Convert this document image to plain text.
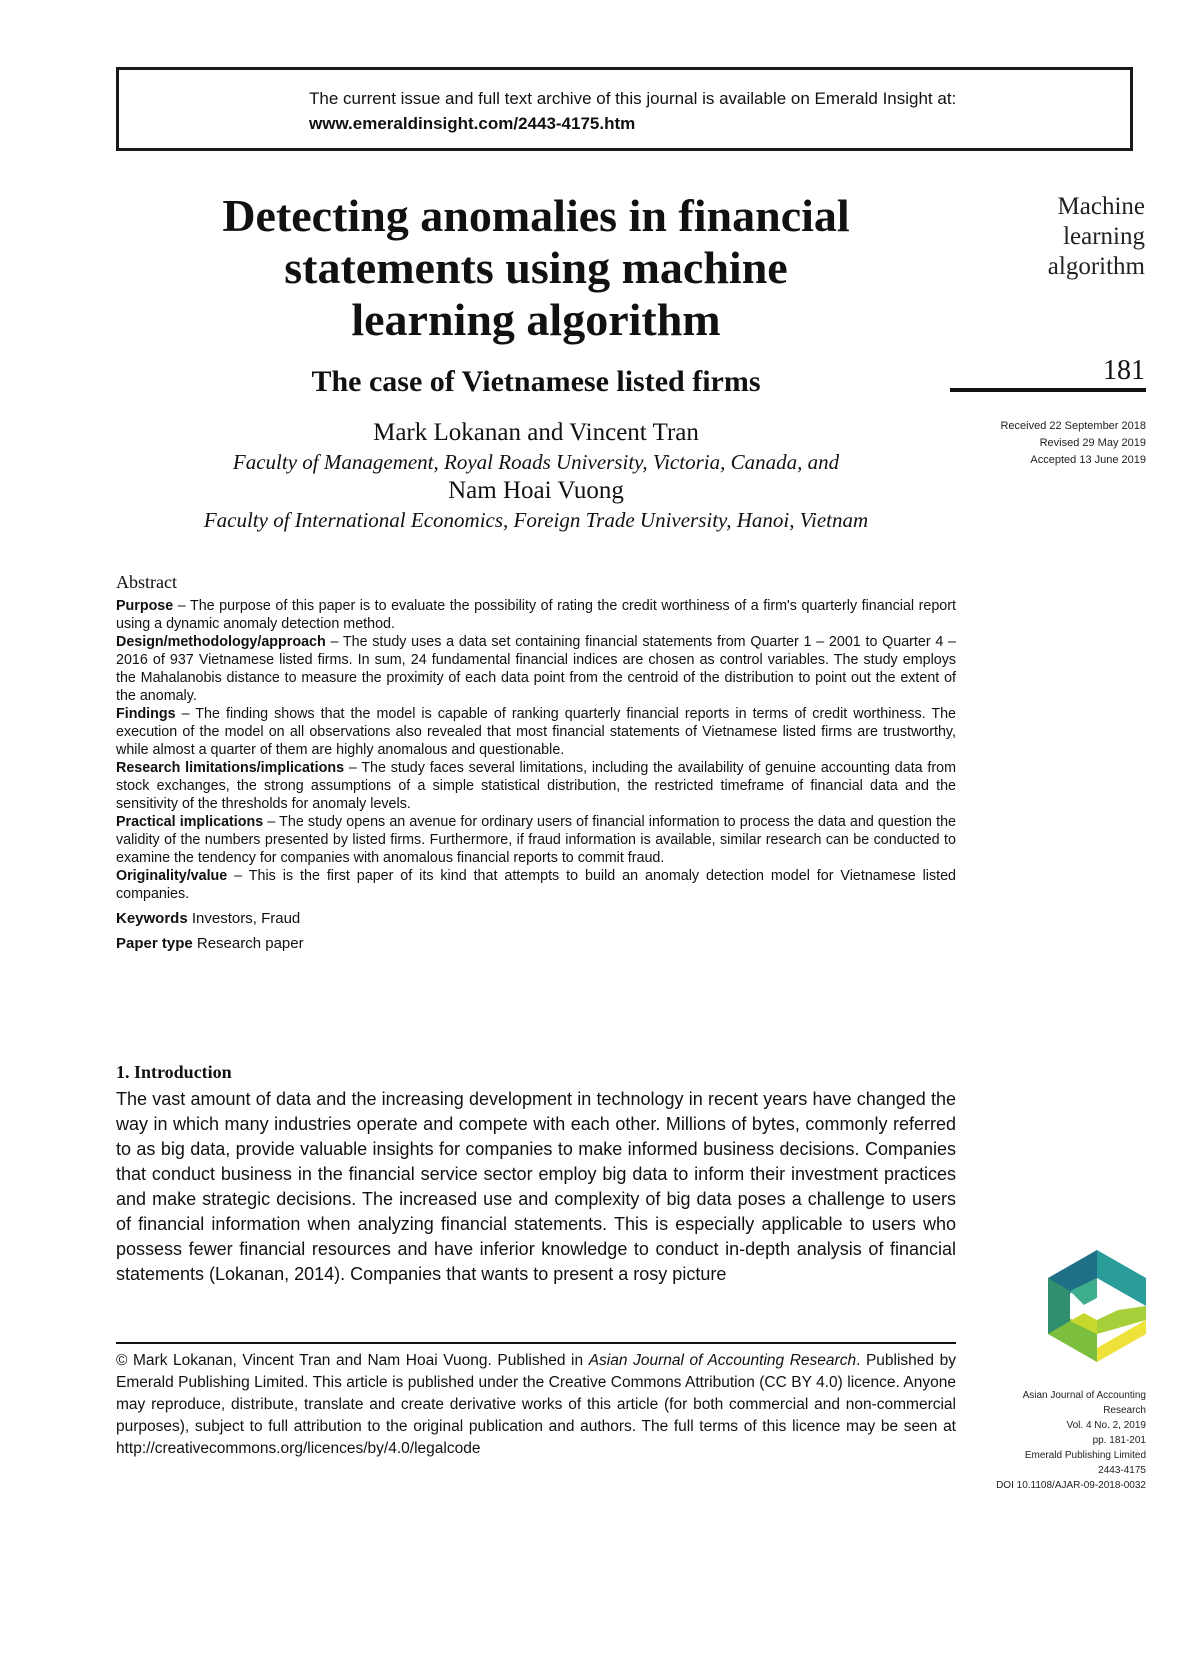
The current issue and full text archive of this journal is available on Emerald Insight at:
www.emeraldinsight.com/2443-4175.htm
Detecting anomalies in financial
statements using machine
learning algorithm
The case of Vietnamese listed firms
Mark Lokanan and Vincent Tran
Faculty of Management, Royal Roads University, Victoria, Canada, and
Nam Hoai Vuong
Faculty of International Economics, Foreign Trade University, Hanoi, Vietnam
Machine
learning
algorithm
181
Received 22 September 2018
Revised 29 May 2019
Accepted 13 June 2019
Abstract

Purpose – The purpose of this paper is to evaluate the possibility of rating the credit worthiness of a firm's quarterly financial report using a dynamic anomaly detection method.

Design/methodology/approach – The study uses a data set containing financial statements from Quarter 1 – 2001 to Quarter 4 – 2016 of 937 Vietnamese listed firms. In sum, 24 fundamental financial indices are chosen as control variables. The study employs the Mahalanobis distance to measure the proximity of each data point from the centroid of the distribution to point out the extent of the anomaly.

Findings – The finding shows that the model is capable of ranking quarterly financial reports in terms of credit worthiness. The execution of the model on all observations also revealed that most financial statements of Vietnamese listed firms are trustworthy, while almost a quarter of them are highly anomalous and questionable.

Research limitations/implications – The study faces several limitations, including the availability of genuine accounting data from stock exchanges, the strong assumptions of a simple statistical distribution, the restricted timeframe of financial data and the sensitivity of the thresholds for anomaly levels.

Practical implications – The study opens an avenue for ordinary users of financial information to process the data and question the validity of the numbers presented by listed firms. Furthermore, if fraud information is available, similar research can be conducted to examine the tendency for companies with anomalous financial reports to commit fraud.

Originality/value – This is the first paper of its kind that attempts to build an anomaly detection model for Vietnamese listed companies.

Keywords Investors, Fraud

Paper type Research paper

1. Introduction

The vast amount of data and the increasing development in technology in recent years have changed the way in which many industries operate and compete with each other. Millions of bytes, commonly referred to as big data, provide valuable insights for companies to make informed business decisions. Companies that conduct business in the financial service sector employ big data to inform their investment practices and make strategic decisions. The increased use and complexity of big data poses a challenge to users of financial information when analyzing financial statements. This is especially applicable to users who possess fewer financial resources and have inferior knowledge to conduct in-depth analysis of financial statements (Lokanan, 2014). Companies that wants to present a rosy picture

© Mark Lokanan, Vincent Tran and Nam Hoai Vuong. Published in Asian Journal of Accounting Research. Published by Emerald Publishing Limited. This article is published under the Creative Commons Attribution (CC BY 4.0) licence. Anyone may reproduce, distribute, translate and create derivative works of this article (for both commercial and non-commercial purposes), subject to full attribution to the original publication and authors. The full terms of this licence may be seen at http://creativecommons.org/licences/by/4.0/legalcode
Asian Journal of Accounting
Research
Vol. 4 No. 2, 2019
pp. 181-201
Emerald Publishing Limited
2443-4175
DOI 10.1108/AJAR-09-2018-0032
